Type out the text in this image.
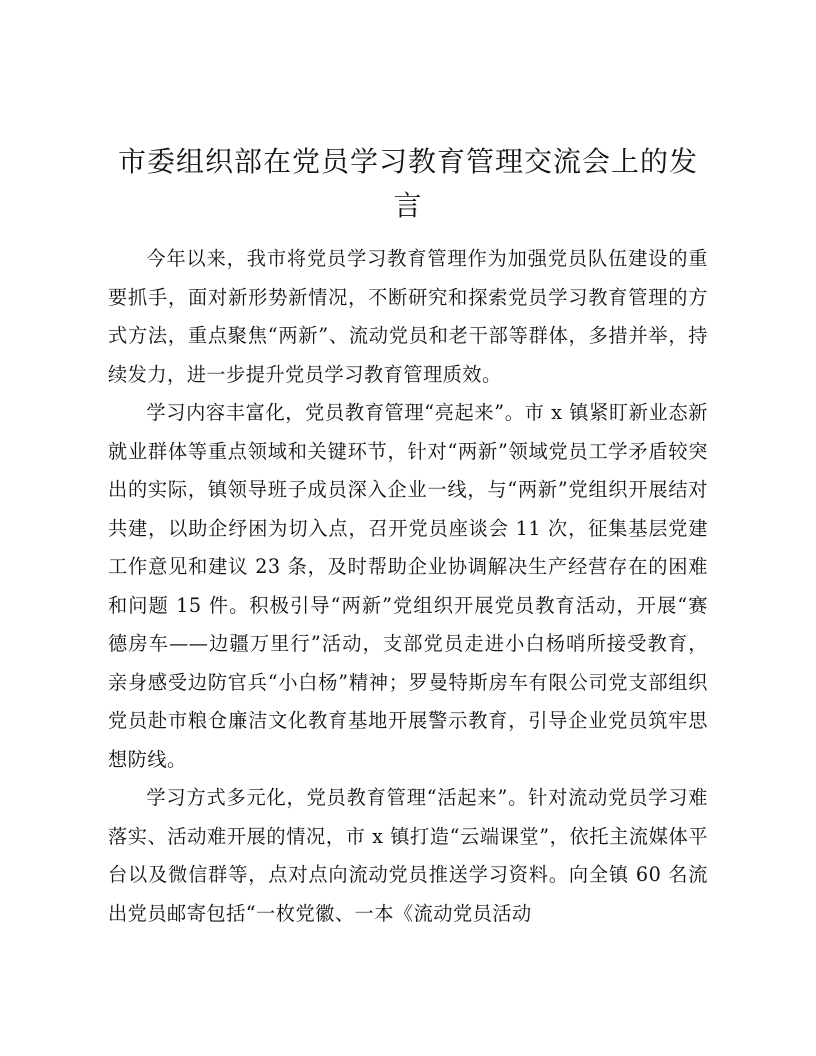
市委组织部在党员学习教育管理交流会上的发言

今年以来，我市将党员学习教育管理作为加强党员队伍建设的重要抓手，面对新形势新情况，不断研究和探索党员学习教育管理的方式方法，重点聚焦“两新”、流动党员和老干部等群体，多措并举，持续发力，进一步提升党员学习教育管理质效。

学习内容丰富化，党员教育管理“亮起来”。市 x 镇紧盯新业态新就业群体等重点领域和关键环节，针对“两新”领域党员工学矛盾较突出的实际，镇领导班子成员深入企业一线，与“两新”党组织开展结对共建，以助企纾困为切入点，召开党员座谈会 11 次，征集基层党建工作意见和建议 23 条，及时帮助企业协调解决生产经营存在的困难和问题 15 件。积极引导“两新”党组织开展党员教育活动，开展“赛德房车——边疆万里行”活动，支部党员走进小白杨哨所接受教育，亲身感受边防官兵“小白杨”精神；罗曼特斯房车有限公司党支部组织党员赴市粮仓廉洁文化教育基地开展警示教育，引导企业党员筑牢思想防线。

学习方式多元化，党员教育管理“活起来”。针对流动党员学习难落实、活动难开展的情况，市 x 镇打造“云端课堂”，依托主流媒体平台以及微信群等，点对点向流动党员推送学习资料。向全镇 60 名流出党员邮寄包括“一枚党徽、一本《流动党员活动
